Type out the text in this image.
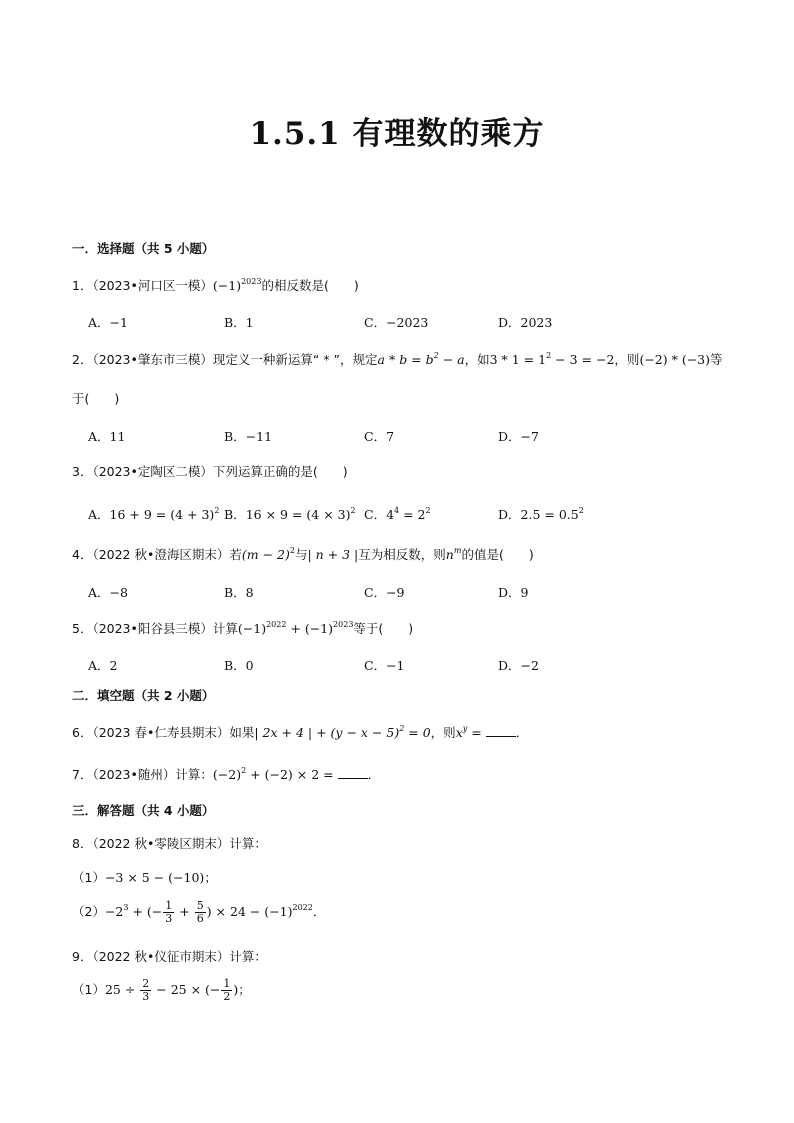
1.5.1 有理数的乘方
一．选择题（共 5 小题）
1．（2023•河口区一模）$(-1)^{2023}$的相反数是(　　)
A．−1	B．1	C．−2023	D．2023
2．（2023•肇东市三模）现定义一种新运算“ * ”，规定$a * b = b^2 - a$，如$3 * 1 = 1^2 - 3 = -2$，则(−2) * (−3)等
于(　　)
A．11	B．−11	C．7	D．−7
3．（2023•定陶区二模）下列运算正确的是(　　)
A．$16 + 9 = (4 + 3)^2$ B．$16 \times 9 = (4 \times 3)^2$ C．$4^4 = 2^2$	D．$2.5 = 0.5^2$
4．（2022 秋•澄海区期末）若$(m - 2)^2$与| n + 3 |互为相反数，则$n^m$的值是(　　)
A．−8	B．8	C．−9	D．9
5．（2023•阳谷县三模）计算$(-1)^{2022} + (-1)^{2023}$等于(　　)
A．2	B．0	C．−1	D．−2
二．填空题（共 2 小题）
6．（2023 春•仁寿县期末）如果| 2x + 4 | + $(y - x - 5)^2 = 0$，则$x^y$ = ．
7．（2023•随州）计算：$(-2)^2 + (-2) \times 2$ = ．
三．解答题（共 4 小题）
8．（2022 秋•零陵区期末）计算：
（1）−3 × 5 − (−10)；
$(2)-2^3$ + (− $\frac{1}{3} + \frac{5}{6}$ ) × $24 - (-1)^{2022}$．
9．（2022 秋•仪征市期末）计算：
$(1)25 \div \frac{2}{3} - 25$ × (− $\frac{1}{2}$ )；
